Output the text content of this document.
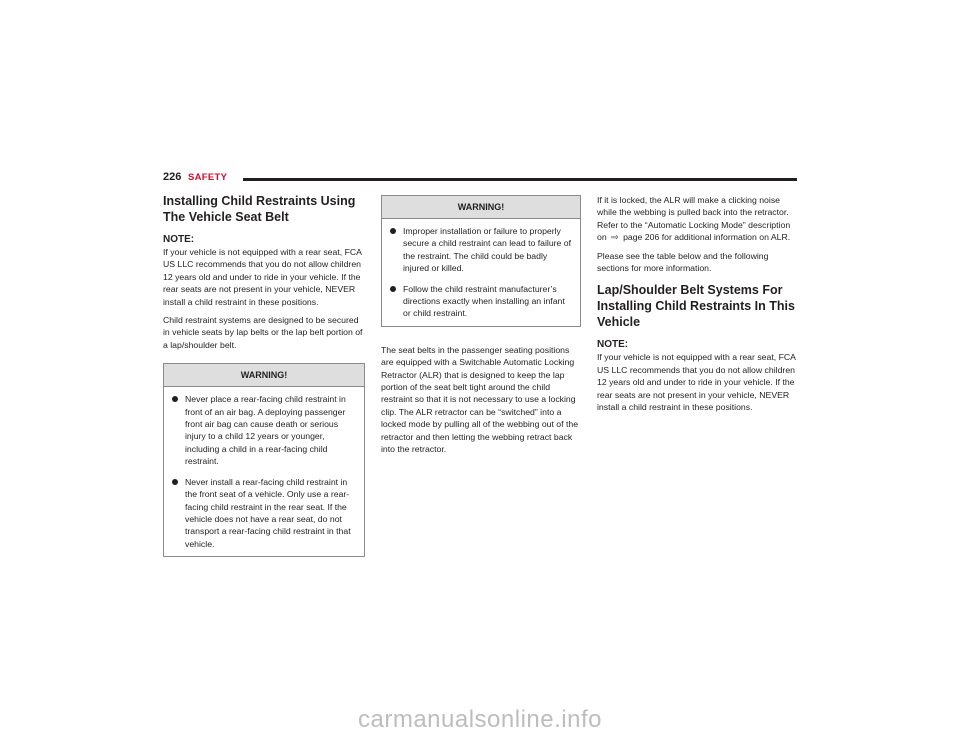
226 SAFETY
Installing Child Restraints Using The Vehicle Seat Belt

NOTE:

If your vehicle is not equipped with a rear seat, FCA US LLC recommends that you do not allow children 12 years old and under to ride in your vehicle. If the rear seats are not present in your vehicle, NEVER install a child restraint in these positions.

Child restraint systems are designed to be secured in vehicle seats by lap belts or the lap belt portion of a lap/shoulder belt.

WARNING!
Never place a rear-facing child restraint in front of an air bag. A deploying passenger front air bag can cause death or serious injury to a child 12 years or younger, including a child in a rear-facing child restraint.
Never install a rear-facing child restraint in the front seat of a vehicle. Only use a rear-facing child restraint in the rear seat. If the vehicle does not have a rear seat, do not transport a rear-facing child restraint in that vehicle.
WARNING!
Improper installation or failure to properly secure a child restraint can lead to failure of the restraint. The child could be badly injured or killed.
Follow the child restraint manufacturer’s directions exactly when installing an infant or child restraint.

The seat belts in the passenger seating positions are equipped with a Switchable Automatic Locking Retractor (ALR) that is designed to keep the lap portion of the seat belt tight around the child restraint so that it is not necessary to use a locking clip. The ALR retractor can be “switched” into a locked mode by pulling all of the webbing out of the retractor and then letting the webbing retract back into the retractor.

If it is locked, the ALR will make a clicking noise while the webbing is pulled back into the retractor. Refer to the “Automatic Locking Mode” description on ⇨ page 206 for additional information on ALR.

Please see the table below and the following sections for more information.

Lap/Shoulder Belt Systems For Installing Child Restraints In This Vehicle

NOTE:

If your vehicle is not equipped with a rear seat, FCA US LLC recommends that you do not allow children 12 years old and under to ride in your vehicle. If the rear seats are not present in your vehicle, NEVER install a child restraint in these positions.

carmanualsonline.info
